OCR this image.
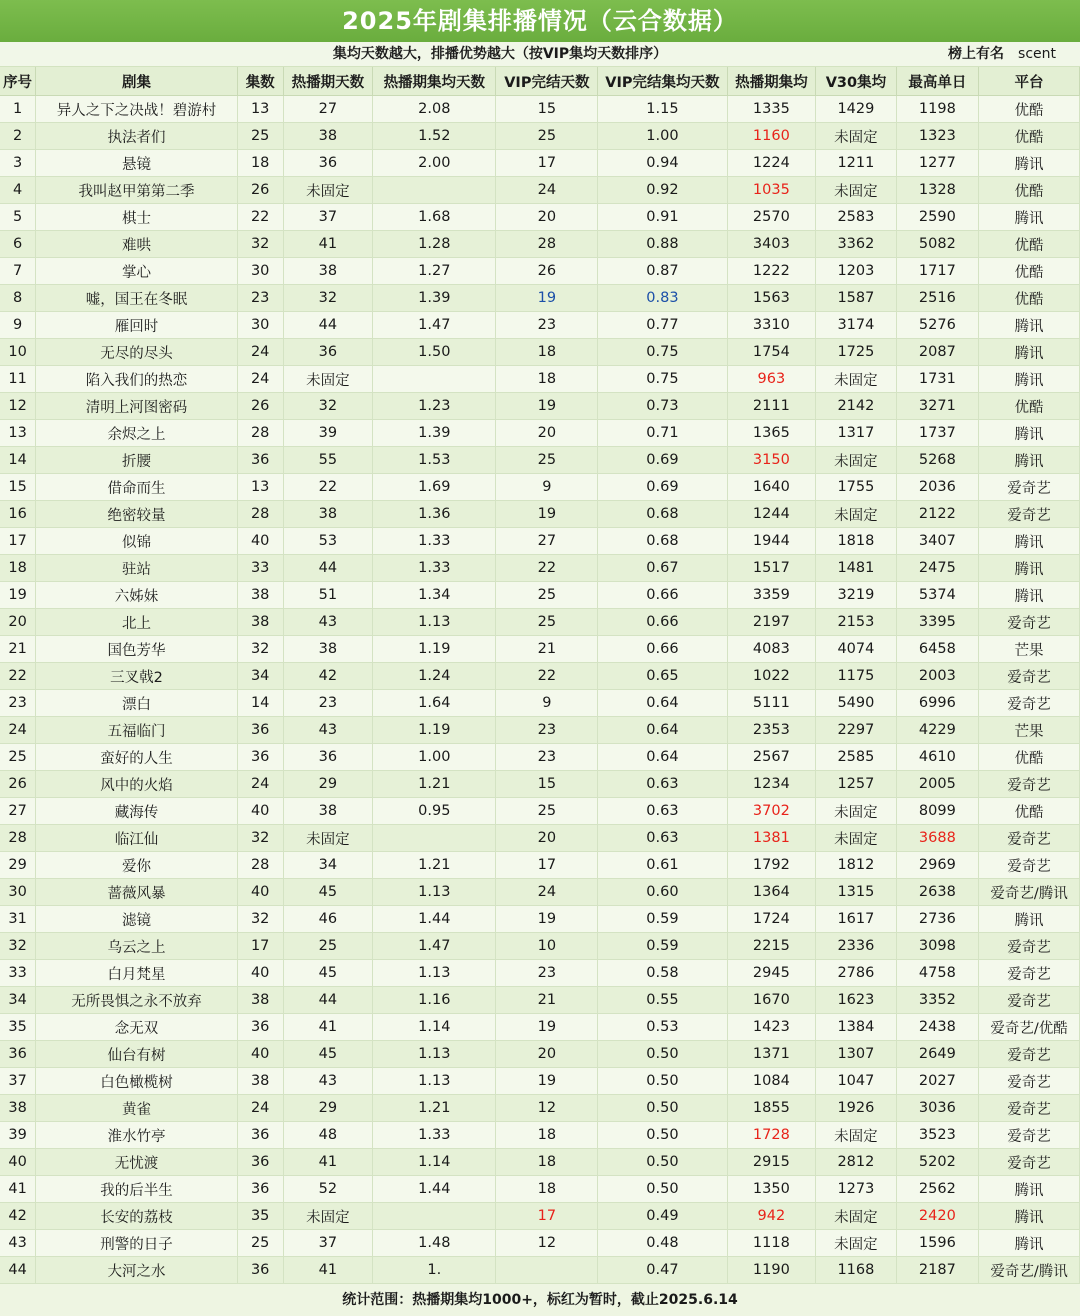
2025年剧集排播情况（云合数据）
集均天数越大，排播优势越大（按VIP集均天数排序）	榜上有名 scent
序号	剧集	集数	热播期天数	热播期集均天数	VIP完结天数	VIP完结集均天数	热播期集均	V30集均	最高单日	平台
1	异人之下之决战！碧游村	13	27	2.08	15	1.15	1335	1429	1198	优酷
2	执法者们	25	38	1.52	25	1.00	1160	未固定	1323	优酷
3	悬镜	18	36	2.00	17	0.94	1224	1211	1277	腾讯
4	我叫赵甲第第二季	26	未固定		24	0.92	1035	未固定	1328	优酷
5	棋士	22	37	1.68	20	0.91	2570	2583	2590	腾讯
6	难哄	32	41	1.28	28	0.88	3403	3362	5082	优酷
7	掌心	30	38	1.27	26	0.87	1222	1203	1717	优酷
8	嘘，国王在冬眠	23	32	1.39	19	0.83	1563	1587	2516	优酷
9	雁回时	30	44	1.47	23	0.77	3310	3174	5276	腾讯
10	无尽的尽头	24	36	1.50	18	0.75	1754	1725	2087	腾讯
11	陷入我们的热恋	24	未固定		18	0.75	963	未固定	1731	腾讯
12	清明上河图密码	26	32	1.23	19	0.73	2111	2142	3271	优酷
13	余烬之上	28	39	1.39	20	0.71	1365	1317	1737	腾讯
14	折腰	36	55	1.53	25	0.69	3150	未固定	5268	腾讯
15	借命而生	13	22	1.69	9	0.69	1640	1755	2036	爱奇艺
16	绝密较量	28	38	1.36	19	0.68	1244	未固定	2122	爱奇艺
17	似锦	40	53	1.33	27	0.68	1944	1818	3407	腾讯
18	驻站	33	44	1.33	22	0.67	1517	1481	2475	腾讯
19	六姊妹	38	51	1.34	25	0.66	3359	3219	5374	腾讯
20	北上	38	43	1.13	25	0.66	2197	2153	3395	爱奇艺
21	国色芳华	32	38	1.19	21	0.66	4083	4074	6458	芒果
22	三叉戟2	34	42	1.24	22	0.65	1022	1175	2003	爱奇艺
23	漂白	14	23	1.64	9	0.64	5111	5490	6996	爱奇艺
24	五福临门	36	43	1.19	23	0.64	2353	2297	4229	芒果
25	蛮好的人生	36	36	1.00	23	0.64	2567	2585	4610	优酷
26	风中的火焰	24	29	1.21	15	0.63	1234	1257	2005	爱奇艺
27	藏海传	40	38	0.95	25	0.63	3702	未固定	8099	优酷
28	临江仙	32	未固定		20	0.63	1381	未固定	3688	爱奇艺
29	爱你	28	34	1.21	17	0.61	1792	1812	2969	爱奇艺
30	蔷薇风暴	40	45	1.13	24	0.60	1364	1315	2638	爱奇艺/腾讯
31	滤镜	32	46	1.44	19	0.59	1724	1617	2736	腾讯
32	乌云之上	17	25	1.47	10	0.59	2215	2336	3098	爱奇艺
33	白月梵星	40	45	1.13	23	0.58	2945	2786	4758	爱奇艺
34	无所畏惧之永不放弃	38	44	1.16	21	0.55	1670	1623	3352	爱奇艺
35	念无双	36	41	1.14	19	0.53	1423	1384	2438	爱奇艺/优酷
36	仙台有树	40	45	1.13	20	0.50	1371	1307	2649	爱奇艺
37	白色橄榄树	38	43	1.13	19	0.50	1084	1047	2027	爱奇艺
38	黄雀	24	29	1.21	12	0.50	1855	1926	3036	爱奇艺
39	淮水竹亭	36	48	1.33	18	0.50	1728	未固定	3523	爱奇艺
40	无忧渡	36	41	1.14	18	0.50	2915	2812	5202	爱奇艺
41	我的后半生	36	52	1.44	18	0.50	1350	1273	2562	腾讯
42	长安的荔枝	35	未固定		17	0.49	942	未固定	2420	腾讯
43	刑警的日子	25	37	1.48	12	0.48	1118	未固定	1596	腾讯
44	大河之水	36	41	1.		0.47	1190	1168	2187	爱奇艺/腾讯
统计范围：热播期集均1000+，标红为暂时，截止2025.6.14
